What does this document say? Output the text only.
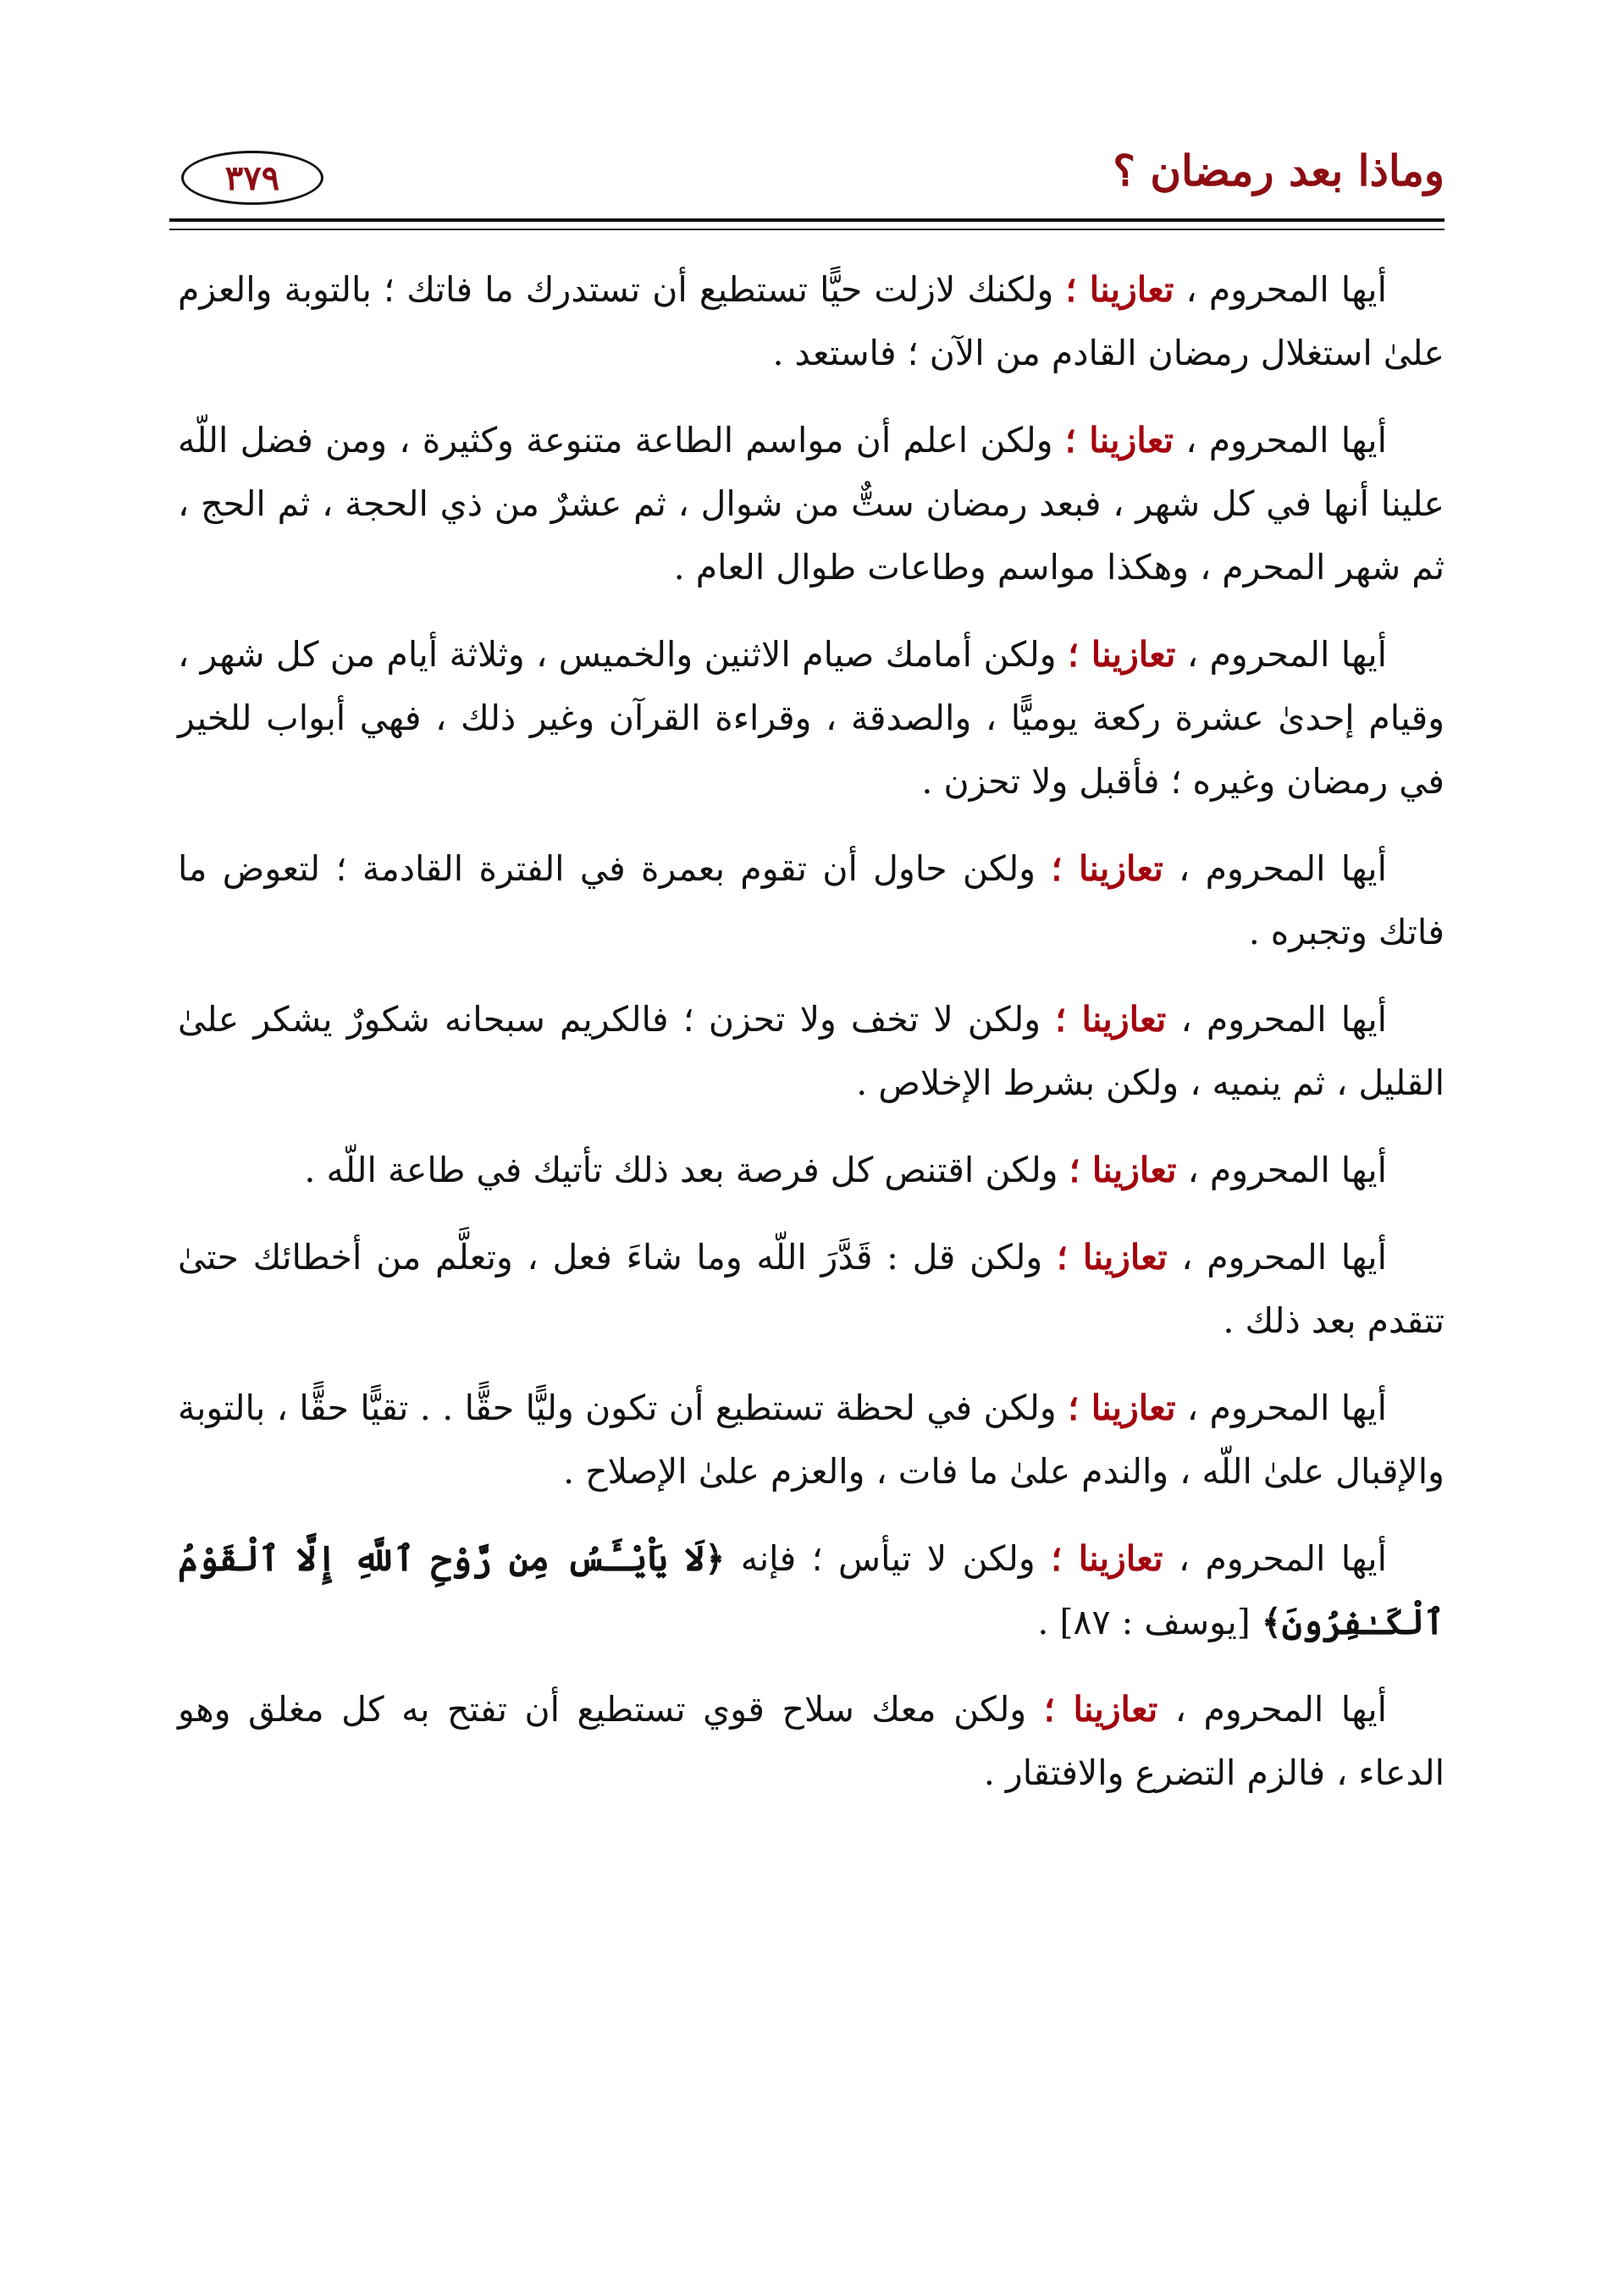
وماذا بعد رمضان ؟
٣٧٩

أيها المحروم ، تعازينا ؛ ولكنك لازلت حيًّا تستطيع أن تستدرك ما فاتك ؛ بالتوبة والعزم علىٰ استغلال رمضان القادم من الآن ؛ فاستعد .

أيها المحروم ، تعازينا ؛ ولكن اعلم أن مواسم الطاعة متنوعة وكثيرة ، ومن فضل اللّه علينا أنها في كل شهر ، فبعد رمضان ستٌّ من شوال ، ثم عشرٌ من ذي الحجة ، ثم الحج ، ثم شهر المحرم ، وهكذا مواسم وطاعات طوال العام .

أيها المحروم ، تعازينا ؛ ولكن أمامك صيام الاثنين والخميس ، وثلاثة أيام من كل شهر ، وقيام إحدىٰ عشرة ركعة يوميًّا ، والصدقة ، وقراءة القرآن وغير ذلك ، فهي أبواب للخير في رمضان وغيره ؛ فأقبل ولا تحزن .

أيها المحروم ، تعازينا ؛ ولكن حاول أن تقوم بعمرة في الفترة القادمة ؛ لتعوض ما فاتك وتجبره .

أيها المحروم ، تعازينا ؛ ولكن لا تخف ولا تحزن ؛ فالكريم سبحانه شكورٌ يشكر علىٰ القليل ، ثم ينميه ، ولكن بشرط الإخلاص .

أيها المحروم ، تعازينا ؛ ولكن اقتنص كل فرصة بعد ذلك تأتيك في طاعة اللّه .

أيها المحروم ، تعازينا ؛ ولكن قل : قَدَّرَ اللّه وما شاءَ فعل ، وتعلَّم من أخطائك حتىٰ تتقدم بعد ذلك .

أيها المحروم ، تعازينا ؛ ولكن في لحظة تستطيع أن تكون وليًّا حقًّا . . تقيًّا حقًّا ، بالتوبة والإقبال علىٰ اللّه ، والندم علىٰ ما فات ، والعزم علىٰ الإصلاح .

أيها المحروم ، تعازينا ؛ ولكن لا تيأس ؛ فإنه ﴿لَا يَاْيْـَٔسُ مِن رَّوْحِ ٱللَّهِ إِلَّا ٱلْقَوْمُ ٱلْكَـٰفِرُونَ﴾ [يوسف : ٨٧] .

أيها المحروم ، تعازينا ؛ ولكن معك سلاح قوي تستطيع أن تفتح به كل مغلق وهو الدعاء ، فالزم التضرع والافتقار .
